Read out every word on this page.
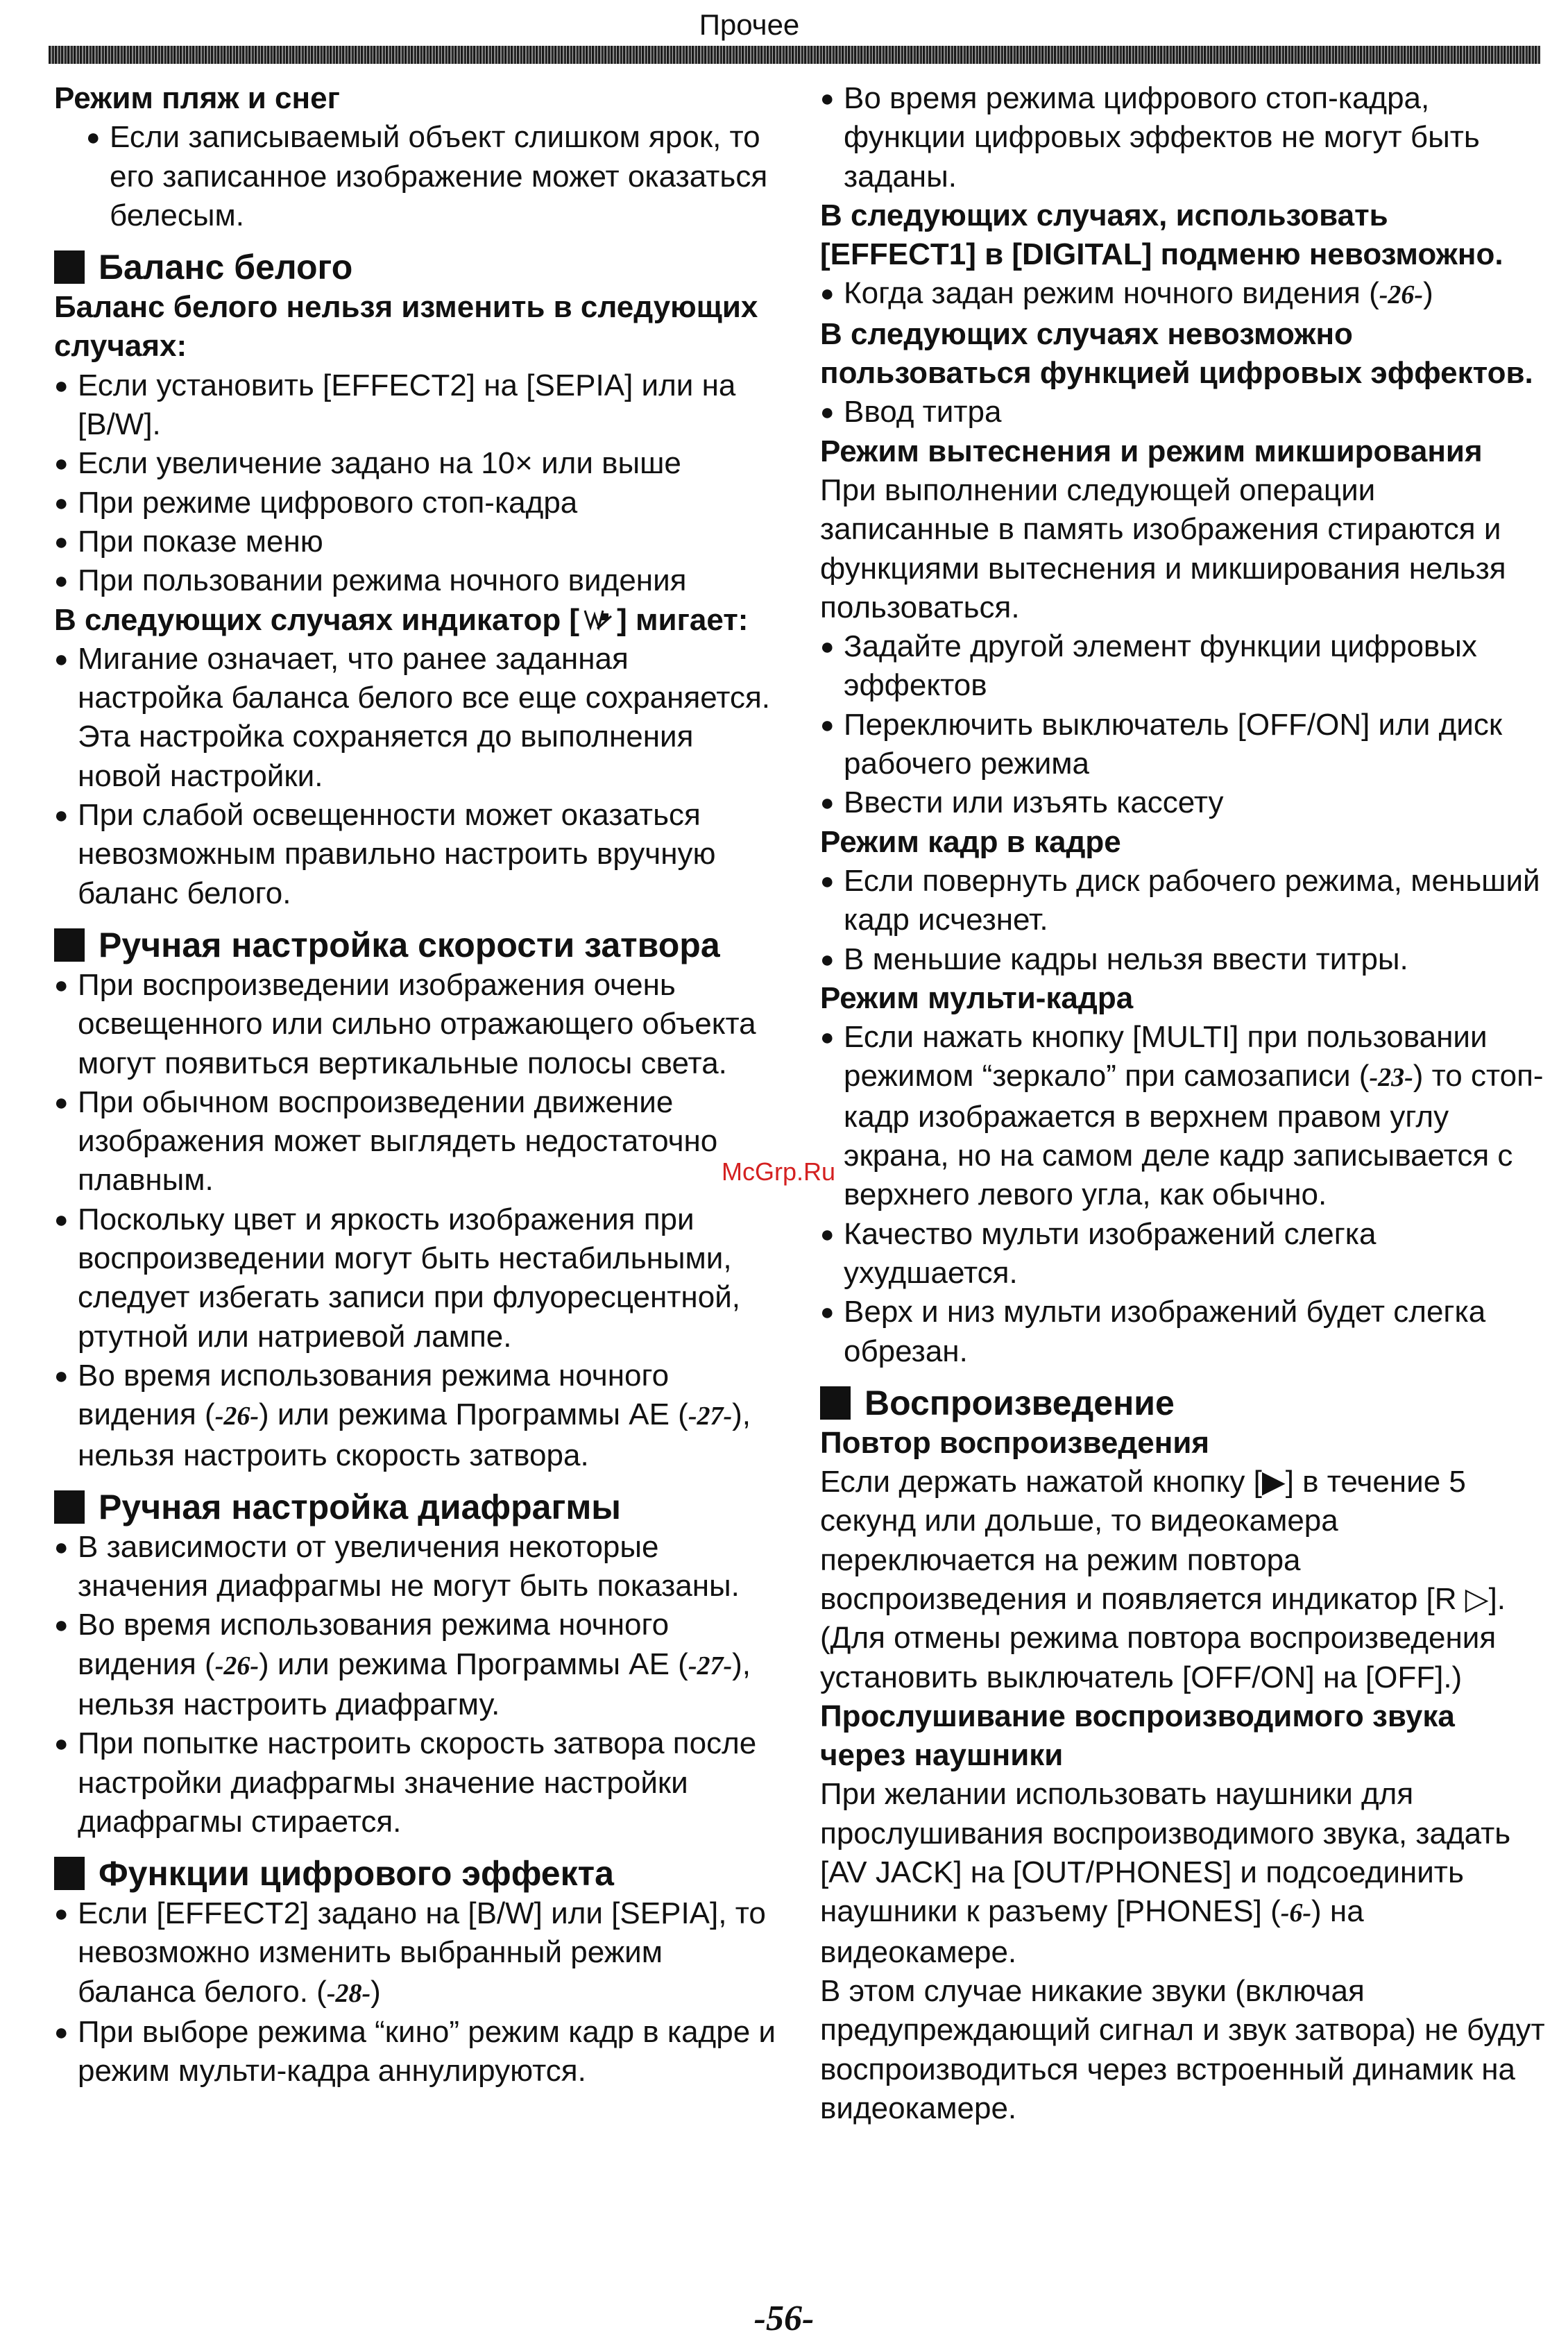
Прочее
Режим пляж и снег
● Если записываемый объект слишком ярок, то его записанное изображение может оказаться белесым.
Баланс белого
Баланс белого нельзя изменить в следующих случаях:
● Если установить [EFFECT2] на [SEPIA] или на [B/W].
● Если увеличение задано на 10× или выше
● При режиме цифрового стоп-кадра
● При показе меню
● При пользовании режима ночного видения
В следующих случаях индикатор [ ] мигает:
● Мигание означает, что ранее заданная настройка баланса белого все еще сохраняется. Эта настройка сохраняется до выполнения новой настройки.
● При слабой освещенности может оказаться невозможным правильно настроить вручную баланс белого.
Ручная настройка скорости затвора
● При воспроизведении изображения очень освещенного или сильно отражающего объекта могут появиться вертикальные полосы света.
● При обычном воспроизведении движение изображения может выглядеть недостаточно плавным.
● Поскольку цвет и яркость изображения при воспроизведении могут быть нестабильными, следует избегать записи при флуоресцентной, ртутной или натриевой лампе.
● Во время использования режима ночного видения (-26-) или режима Программы AE (-27-), нельзя настроить скорость затвора.
Ручная настройка диафрагмы
● В зависимости от увеличения некоторые значения диафрагмы не могут быть показаны.
● Во время использования режима ночного видения (-26-) или режима Программы AE (-27-), нельзя настроить диафрагму.
● При попытке настроить скорость затвора после настройки диафрагмы значение настройки диафрагмы стирается.
Функции цифрового эффекта
● Если [EFFECT2] задано на [B/W] или [SEPIA], то невозможно изменить выбранный режим баланса белого. (-28-)
● При выборе режима “кино” режим кадр в кадре и режим мульти-кадра аннулируются.
● Во время режима цифрового стоп-кадра, функции цифровых эффектов не могут быть заданы.
В следующих случаях, использовать [EFFECT1] в [DIGITAL] подменю невозможно.
● Когда задан режим ночного видения (-26-)
В следующих случаях невозможно пользоваться функцией цифровых эффектов.
● Ввод титра
Режим вытеснения и режим микширования
При выполнении следующей операции записанные в память изображения стираются и функциями вытеснения и микширования нельзя пользоваться.
● Задайте другой элемент функции цифровых эффектов
● Переключить выключатель [OFF/ON] или диск рабочего режима
● Ввести или изъять кассету
Режим кадр в кадре
● Если повернуть диск рабочего режима, меньший кадр исчезнет.
● В меньшие кадры нельзя ввести титры.
Режим мульти-кадра
● Если нажать кнопку [MULTI] при пользовании режимом “зеркало” при самозаписи (-23-) то стоп-кадр изображается в верхнем правом углу экрана, но на самом деле кадр записывается с верхнего левого угла, как обычно.
● Качество мульти изображений слегка ухудшается.
● Верх и низ мульти изображений будет слегка обрезан.
Воспроизведение
Повтор воспроизведения
Если держать нажатой кнопку [▶] в течение 5 секунд или дольше, то видеокамера переключается на режим повтора воспроизведения и появляется индикатор [R ▷]. (Для отмены режима повтора воспроизведения установить выключатель [OFF/ON] на [OFF].)
Прослушивание воспроизводимого звука через наушники
При желании использовать наушники для прослушивания воспроизводимого звука, задать [AV JACK] на [OUT/PHONES] и подсоединить наушники к разъему [PHONES] (-6-) на видеокамере.
В этом случае никакие звуки (включая предупреждающий сигнал и звук затвора) не будут воспроизводиться через встроенный динамик на видеокамере.
McGrp.Ru
-56-
